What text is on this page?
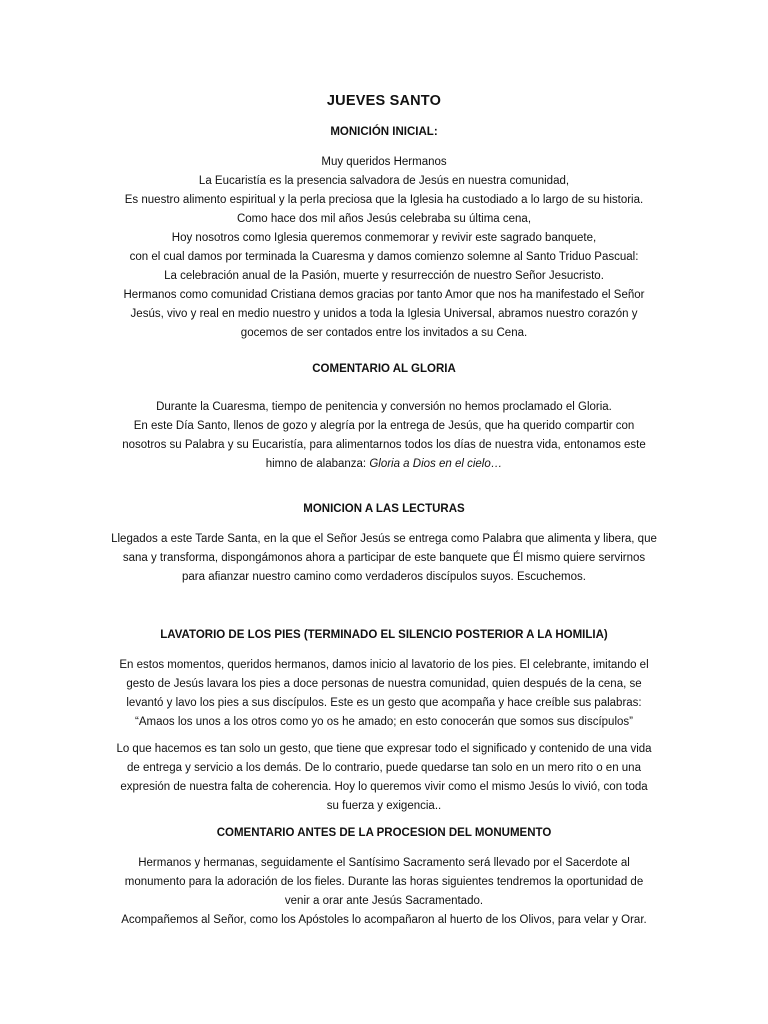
JUEVES SANTO
MONICIÓN INICIAL:
Muy queridos Hermanos
La Eucaristía es la presencia salvadora de Jesús en nuestra comunidad,
Es nuestro alimento espiritual y la perla preciosa que la Iglesia ha custodiado a lo largo de su historia.
Como hace dos mil años Jesús celebraba su última cena,
Hoy nosotros como Iglesia queremos conmemorar y revivir este sagrado banquete,
con el cual damos por terminada la Cuaresma y damos comienzo solemne al Santo Triduo Pascual:
La celebración anual de la Pasión, muerte y resurrección de nuestro Señor Jesucristo.
Hermanos como comunidad Cristiana demos gracias por tanto Amor que nos ha manifestado el Señor
Jesús, vivo y real en medio nuestro y unidos a toda la Iglesia Universal, abramos nuestro corazón y
gocemos de ser contados entre los invitados a su Cena.
COMENTARIO AL GLORIA
Durante la Cuaresma, tiempo de penitencia y conversión no hemos proclamado el Gloria.
En este Día Santo, llenos de gozo y alegría por la entrega de Jesús, que ha querido compartir con
nosotros su Palabra y su Eucaristía, para alimentarnos todos los días de nuestra vida, entonamos este
himno de alabanza: Gloria a Dios en el cielo…
MONICION A LAS LECTURAS
Llegados a este Tarde Santa, en la que el Señor Jesús se entrega como Palabra que alimenta y libera, que
sana y transforma, dispongámonos ahora a participar de este banquete que Él mismo quiere servirnos
para afianzar nuestro camino como verdaderos discípulos suyos. Escuchemos.
LAVATORIO DE LOS PIES (TERMINADO EL SILENCIO POSTERIOR A LA HOMILIA)
En estos momentos, queridos hermanos, damos inicio al lavatorio de los pies. El celebrante, imitando el
gesto de Jesús lavara los pies a doce personas de nuestra comunidad, quien después de la cena, se
levantó y lavo los pies a sus discípulos. Este es un gesto que acompaña y hace creíble sus palabras:
“Amaos los unos a los otros como yo os he amado; en esto conocerán que somos sus discípulos”
Lo que hacemos es tan solo un gesto, que tiene que expresar todo el significado y contenido de una vida
de entrega y servicio a los demás. De lo contrario, puede quedarse tan solo en un mero rito o en una
expresión de nuestra falta de coherencia. Hoy lo queremos vivir como el mismo Jesús lo vivió, con toda
su fuerza y exigencia..
COMENTARIO ANTES DE LA PROCESION DEL MONUMENTO
Hermanos y hermanas, seguidamente el Santísimo Sacramento será llevado por el Sacerdote al
monumento para la adoración de los fieles. Durante las horas siguientes tendremos la oportunidad de
venir a orar ante Jesús Sacramentado.
Acompañemos al Señor, como los Apóstoles lo acompañaron al huerto de los Olivos, para velar y Orar.
